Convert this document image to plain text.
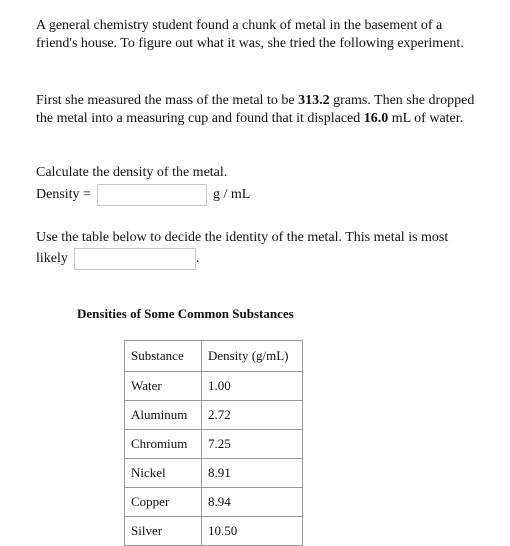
A general chemistry student found a chunk of metal in the basement of a friend's house. To figure out what it was, she tried the following experiment.

First she measured the mass of the metal to be 313.2 grams. Then she dropped the metal into a measuring cup and found that it displaced 16.0 mL of water.

Calculate the density of the metal.

Density =	g / mL

Use the table below to decide the identity of the metal. This metal is most

likely	.
Densities of Some Common Substances
Substance	Density (g/mL)
Water	1.00
Aluminum	2.72
Chromium	7.25
Nickel	8.91
Copper	8.94
Silver	10.50
